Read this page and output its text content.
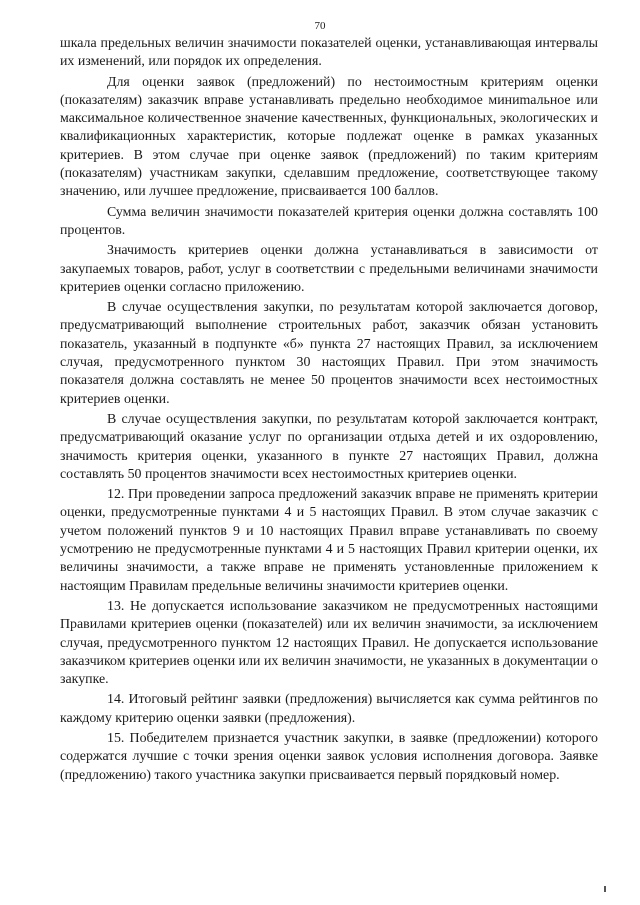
70

шкала предельных величин значимости показателей оценки, устанавливающая интервалы их изменений, или порядок их определения.

Для оценки заявок (предложений) по нестоимостным критериям оценки (показателям) заказчик вправе устанавливать предельно необходимое миниmальное или максимальное количественное значение качественных, функциональных, экологических и квалификационных характеристик, которые подлежат оценке в рамках указанных критериев. В этом случае при оценке заявок (предложений) по таким критериям (показателям) участникам закупки, сделавшим предложение, соответствующее такому значению, или лучшее предложение, присваивается 100 баллов.

Сумма величин значимости показателей критерия оценки должна составлять 100 процентов.

Значимость критериев оценки должна устанавливаться в зависимости от закупаемых товаров, работ, услуг в соответствии с предельными величинами значимости критериев оценки согласно приложению.

В случае осуществления закупки, по результатам которой заключается договор, предусматривающий выполнение строительных работ, заказчик обязан установить показатель, указанный в подпункте «б» пункта 27 настоящих Правил, за исключением случая, предусмотренного пунктом 30 настоящих Правил. При этом значимость показателя должна составлять не менее 50 процентов значимости всех нестоимостных критериев оценки.

В случае осуществления закупки, по результатам которой заключается контракт, предусматривающий оказание услуг по организации отдыха детей и их оздоровлению, значимость критерия оценки, указанного в пункте 27 настоящих Правил, должна составлять 50 процентов значимости всех нестоимостных критериев оценки.

12. При проведении запроса предложений заказчик вправе не применять критерии оценки, предусмотренные пунктами 4 и 5 настоящих Правил. В этом случае заказчик с учетом положений пунктов 9 и 10 настоящих Правил вправе устанавливать по своему усмотрению не предусмотренные пунктами 4 и 5 настоящих Правил критерии оценки, их величины значимости, а также вправе не применять установленные приложением к настоящим Правилам предельные величины значимости критериев оценки.

13. Не допускается использование заказчиком не предусмотренных настоящими Правилами критериев оценки (показателей) или их величин значимости, за исключением случая, предусмотренного пунктом 12 настоящих Правил. Не допускается использование заказчиком критериев оценки или их величин значимости, не указанных в документации о закупке.

14. Итоговый рейтинг заявки (предложения) вычисляется как сумма рейтингов по каждому критерию оценки заявки (предложения).

15. Победителем признается участник закупки, в заявке (предложении) которого содержатся лучшие с точки зрения оценки заявок условия исполнения договора. Заявке (предложению) такого участника закупки присваивается первый порядковый номер.
